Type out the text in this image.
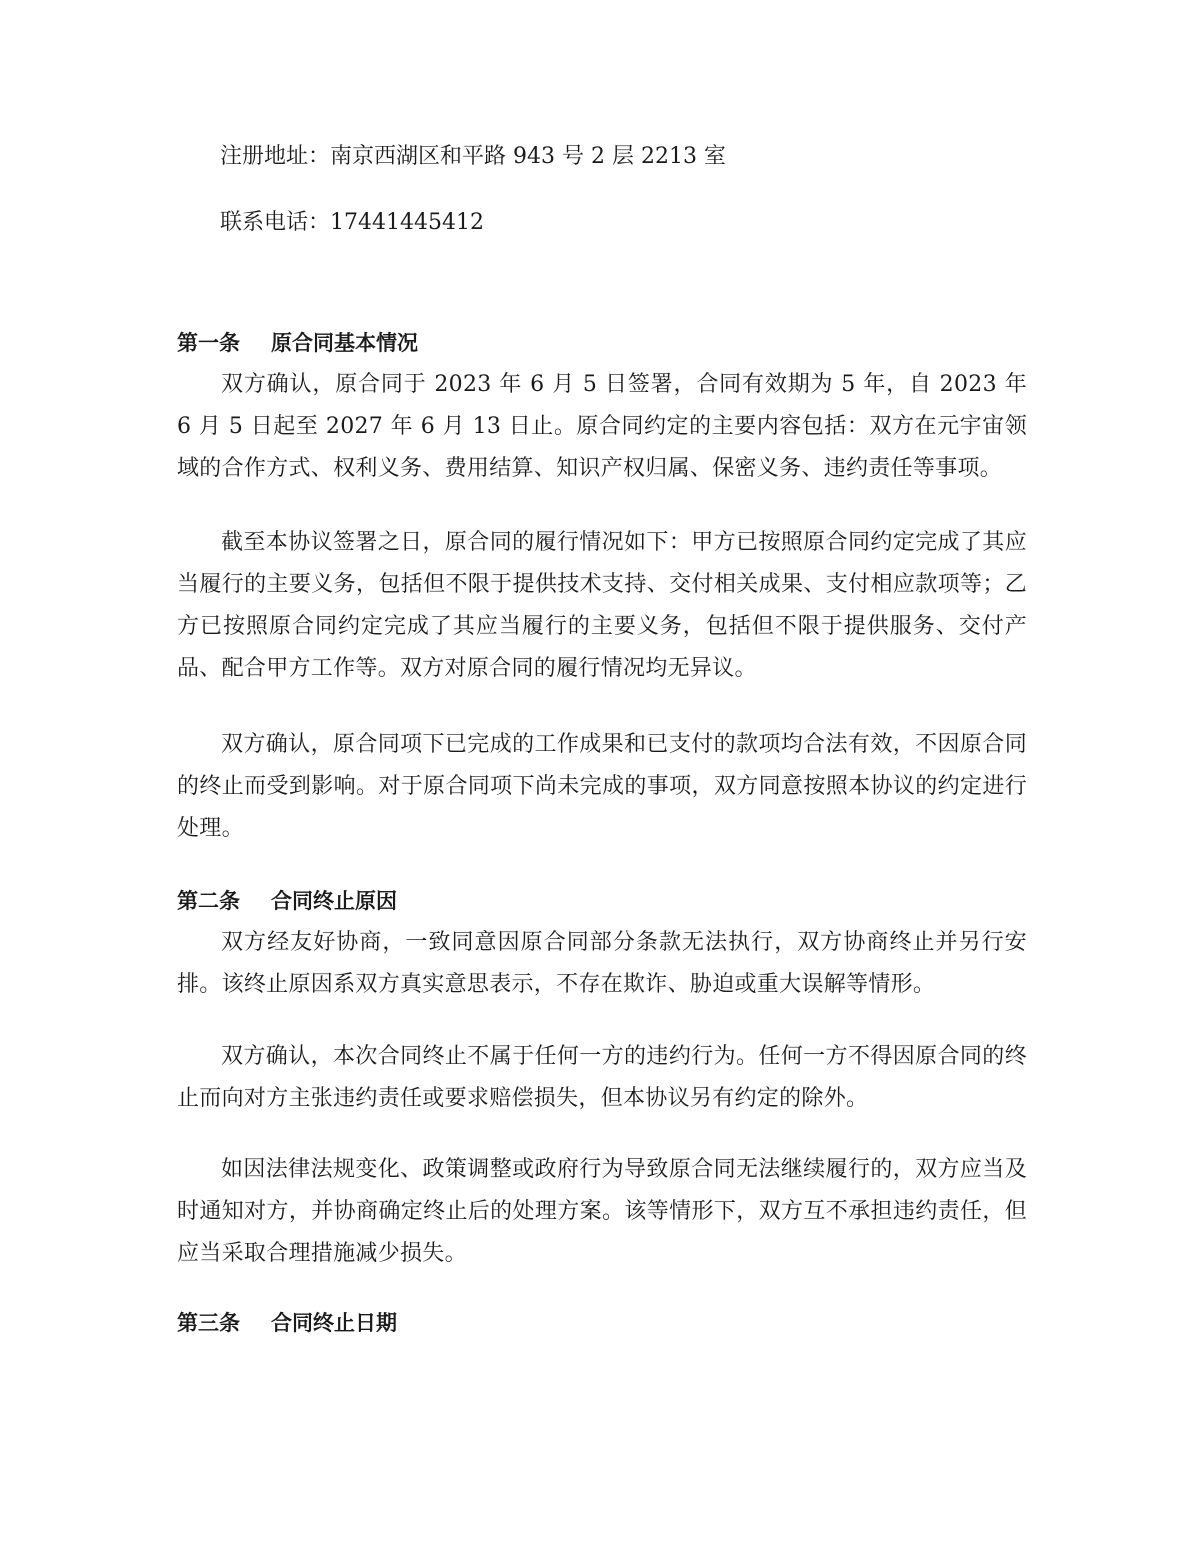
注册地址：南京西湖区和平路 943 号 2 层 2213 室
联系电话：17441445412
第一条 原合同基本情况

双方确认，原合同于 2023 年 6 月 5 日签署，合同有效期为 5 年，自 2023 年 6 月 5 日起至 2027 年 6 月 13 日止。原合同约定的主要内容包括：双方在元宇宙领域的合作方式、权利义务、费用结算、知识产权归属、保密义务、违约责任等事项。

截至本协议签署之日，原合同的履行情况如下：甲方已按照原合同约定完成了其应当履行的主要义务，包括但不限于提供技术支持、交付相关成果、支付相应款项等；乙方已按照原合同约定完成了其应当履行的主要义务，包括但不限于提供服务、交付产品、配合甲方工作等。双方对原合同的履行情况均无异议。

双方确认，原合同项下已完成的工作成果和已支付的款项均合法有效，不因原合同的终止而受到影响。对于原合同项下尚未完成的事项，双方同意按照本协议的约定进行处理。

第二条 合同终止原因

双方经友好协商，一致同意因原合同部分条款无法执行，双方协商终止并另行安排。该终止原因系双方真实意思表示，不存在欺诈、胁迫或重大误解等情形。

双方确认，本次合同终止不属于任何一方的违约行为。任何一方不得因原合同的终止而向对方主张违约责任或要求赔偿损失，但本协议另有约定的除外。

如因法律法规变化、政策调整或政府行为导致原合同无法继续履行的，双方应当及时通知对方，并协商确定终止后的处理方案。该等情形下，双方互不承担违约责任，但应当采取合理措施减少损失。

第三条 合同终止日期
